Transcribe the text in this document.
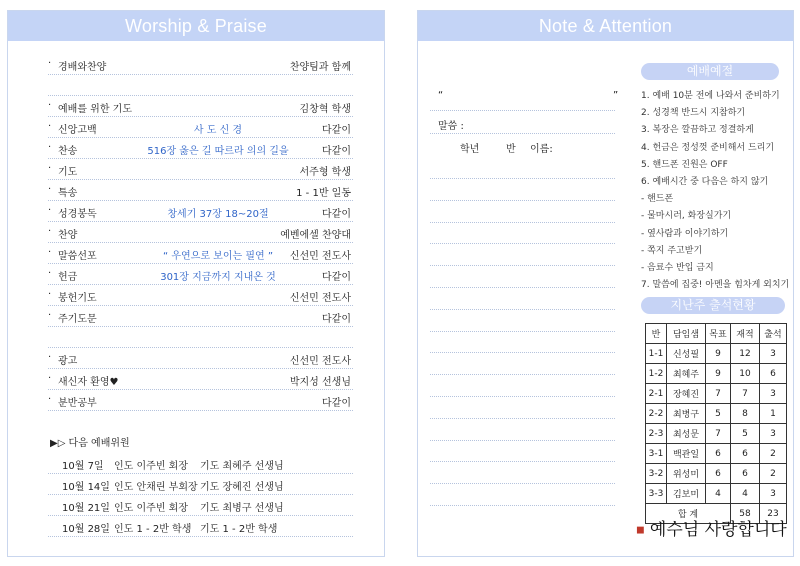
Worship & Praise
· 경배와찬양	찬양팀과 함께
· 예배를 위한 기도	김창혁 학생
· 신앙고백	사 도 신 경	다같이
· 찬송	516장 옳은 길 따르라 의의 길을	다같이
· 기도	서주형 학생
· 특송	1 - 1반 일동
· 성경봉독	창세기 37장 18~20절	다같이
· 찬양	예벤에셀 찬양대
· 말씀선포	“ 우연으로 보이는 필연 ”	신선민 전도사
· 헌금	301장 지금까지 지내온 것	다같이
· 봉헌기도	신선민 전도사
· 주기도문	다같이
· 광고	신선민 전도사
· 새신자 환영♥	박지성 선생님
· 분반공부	다같이
▶▷ 다음 예배위원
10월 7일 인도 이주빈 회장 기도 최혜주 선생님
10월 14일 인도 안채린 부회장 기도 장혜진 선생님
10월 21일 인도 이주빈 회장 기도 최병구 선생님
10월 28일 인도 1 - 2반 학생 기도 1 - 2반 학생
Note & Attention
“	”
말씀 :
학년	반 이름:
예배예절
1. 예배 10분 전에 나와서 준비하기
2. 성경책 반드시 지참하기
3. 복장은 깔끔하고 정결하게
4. 헌금은 정성껏 준비해서 드리기
5. 핸드폰 진원은 OFF
6. 예배시간 중 다음은 하지 않기
- 핸드폰
- 물마시러, 화장실가기
- 옆사람과 이야기하기
- 쪽지 주고받기
- 음료수 반입 금지
7. 말씀에 집중! 아멘을 힘차게 외치기
지난주 출석현황
반	담임샘	목표	재적	출석
1-1	신성필	9	12	3
1-2	최혜주	9	10	6
2-1	장혜진	7	7	3
2-2	최병구	5	8	1
2-3	최성문	7	5	3
3-1	백관일	6	6	2
3-2	위성미	6	6	2
3-3	김보미	4	4	3
합 계			58	23
■ 예수님 사랑합니다
